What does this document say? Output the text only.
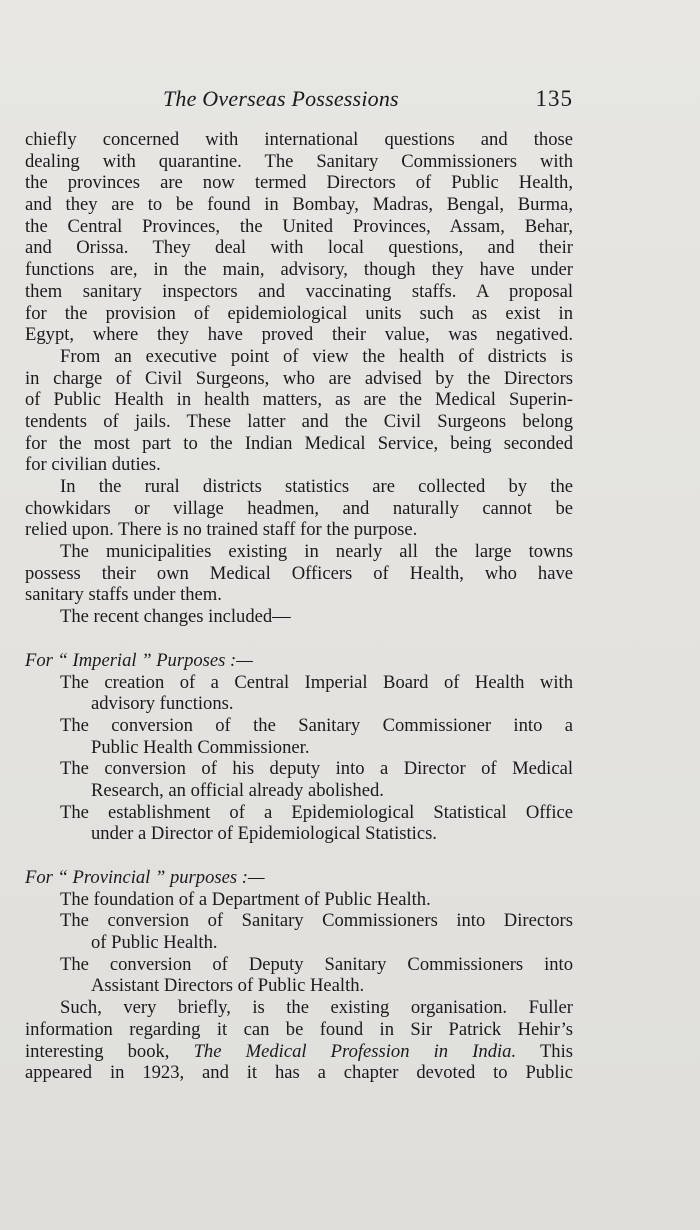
The Overseas Possessions	135
chiefly concerned with international questions and those
dealing with quarantine. The Sanitary Commissioners with
the provinces are now termed Directors of Public Health,
and they are to be found in Bombay, Madras, Bengal, Burma,
the Central Provinces, the United Provinces, Assam, Behar,
and Orissa. They deal with local questions, and their
functions are, in the main, advisory, though they have under
them sanitary inspectors and vaccinating staffs. A proposal
for the provision of epidemiological units such as exist in
Egypt, where they have proved their value, was negatived.
From an executive point of view the health of districts is
in charge of Civil Surgeons, who are advised by the Directors
of Public Health in health matters, as are the Medical Superin-
tendents of jails. These latter and the Civil Surgeons belong
for the most part to the Indian Medical Service, being seconded
for civilian duties.
In the rural districts statistics are collected by the
chowkidars or village headmen, and naturally cannot be
relied upon. There is no trained staff for the purpose.
The municipalities existing in nearly all the large towns
possess their own Medical Officers of Health, who have
sanitary staffs under them.
The recent changes included—
For “ Imperial ” Purposes :—
The creation of a Central Imperial Board of Health with
advisory functions.
The conversion of the Sanitary Commissioner into a
Public Health Commissioner.
The conversion of his deputy into a Director of Medical
Research, an official already abolished.
The establishment of a Epidemiological Statistical Office
under a Director of Epidemiological Statistics.
For “ Provincial ” purposes :—
The foundation of a Department of Public Health.
The conversion of Sanitary Commissioners into Directors
of Public Health.
The conversion of Deputy Sanitary Commissioners into
Assistant Directors of Public Health.
Such, very briefly, is the existing organisation. Fuller
information regarding it can be found in Sir Patrick Hehir’s
interesting book, The Medical Profession in India. This
appeared in 1923, and it has a chapter devoted to Public
